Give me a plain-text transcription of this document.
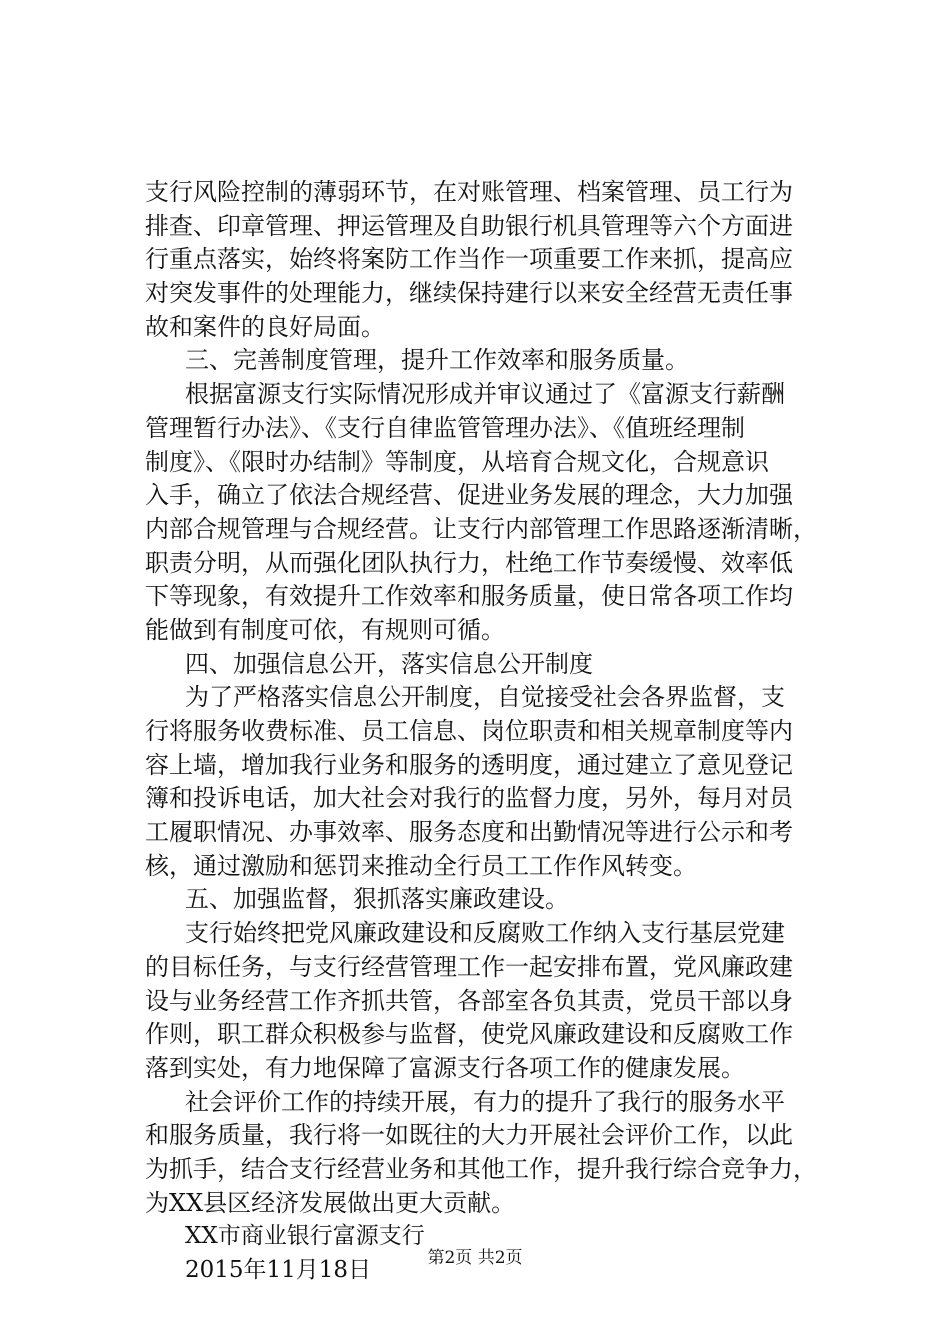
支行风险控制的薄弱环节，在对账管理、档案管理、员工行为
排查、印章管理、押运管理及自助银行机具管理等六个方面进
行重点落实，始终将案防工作当作一项重要工作来抓，提高应
对突发事件的处理能力，继续保持建行以来安全经营无责任事
故和案件的良好局面。
三、完善制度管理，提升工作效率和服务质量。
根据富源支行实际情况形成并审议通过了《富源支行薪酬
管理暂行办法》、《支行自律监管管理办法》、《值班经理制
制度》、《限时办结制》等制度，从培育合规文化，合规意识
入手，确立了依法合规经营、促进业务发展的理念，大力加强
内部合规管理与合规经营。让支行内部管理工作思路逐渐清晰，
职责分明，从而强化团队执行力，杜绝工作节奏缓慢、效率低
下等现象，有效提升工作效率和服务质量，使日常各项工作均
能做到有制度可依，有规则可循。
四、加强信息公开，落实信息公开制度
为了严格落实信息公开制度，自觉接受社会各界监督，支
行将服务收费标准、员工信息、岗位职责和相关规章制度等内
容上墙，增加我行业务和服务的透明度，通过建立了意见登记
簿和投诉电话，加大社会对我行的监督力度，另外，每月对员
工履职情况、办事效率、服务态度和出勤情况等进行公示和考
核，通过激励和惩罚来推动全行员工工作作风转变。
五、加强监督，狠抓落实廉政建设。
支行始终把党风廉政建设和反腐败工作纳入支行基层党建
的目标任务，与支行经营管理工作一起安排布置，党风廉政建
设与业务经营工作齐抓共管，各部室各负其责，党员干部以身
作则，职工群众积极参与监督，使党风廉政建设和反腐败工作
落到实处，有力地保障了富源支行各项工作的健康发展。
社会评价工作的持续开展，有力的提升了我行的服务水平
和服务质量，我行将一如既往的大力开展社会评价工作，以此
为抓手，结合支行经营业务和其他工作，提升我行综合竞争力，
为XX县区经济发展做出更大贡献。
XX市商业银行富源支行
2015年11月18日	第2页 共2页
